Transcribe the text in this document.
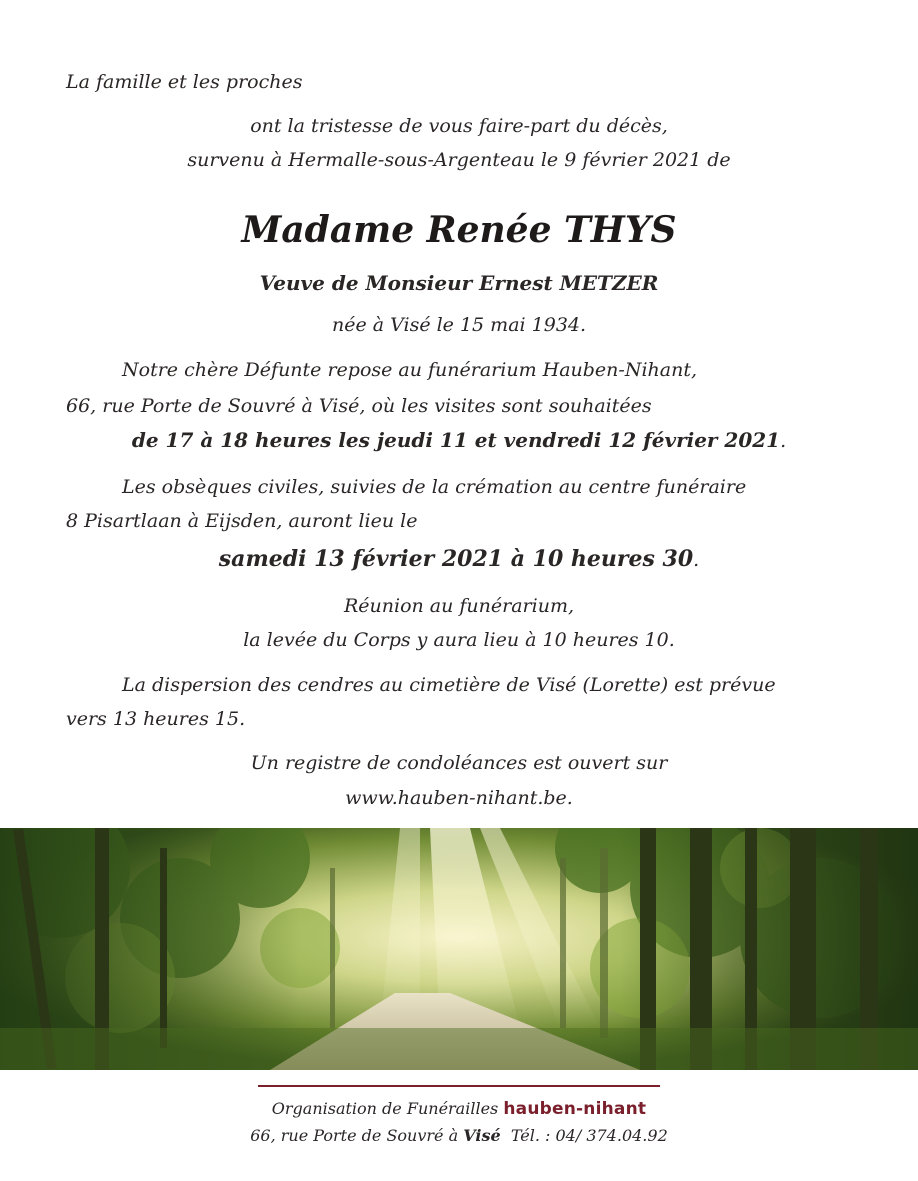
La famille et les proches
ont la tristesse de vous faire-part du décès,
survenu à Hermalle-sous-Argenteau le 9 février 2021 de
Madame Renée THYS
Veuve de Monsieur Ernest METZER
née à Visé le 15 mai 1934.
Notre chère Défunte repose au funérarium Hauben-Nihant,
66, rue Porte de Souvré à Visé, où les visites sont souhaitées
de 17 à 18 heures les jeudi 11 et vendredi 12 février 2021.
Les obsèques civiles, suivies de la crémation au centre funéraire
8 Pisartlaan à Eijsden, auront lieu le
samedi 13 février 2021 à 10 heures 30.
Réunion au funérarium,
la levée du Corps y aura lieu à 10 heures 10.
La dispersion des cendres au cimetière de Visé (Lorette) est prévue
vers 13 heures 15.
Un registre de condoléances est ouvert sur
www.hauben-nihant.be.
Organisation de Funérailles hauben-nihant
66, rue Porte de Souvré à Visé Tél. : 04/ 374.04.92
